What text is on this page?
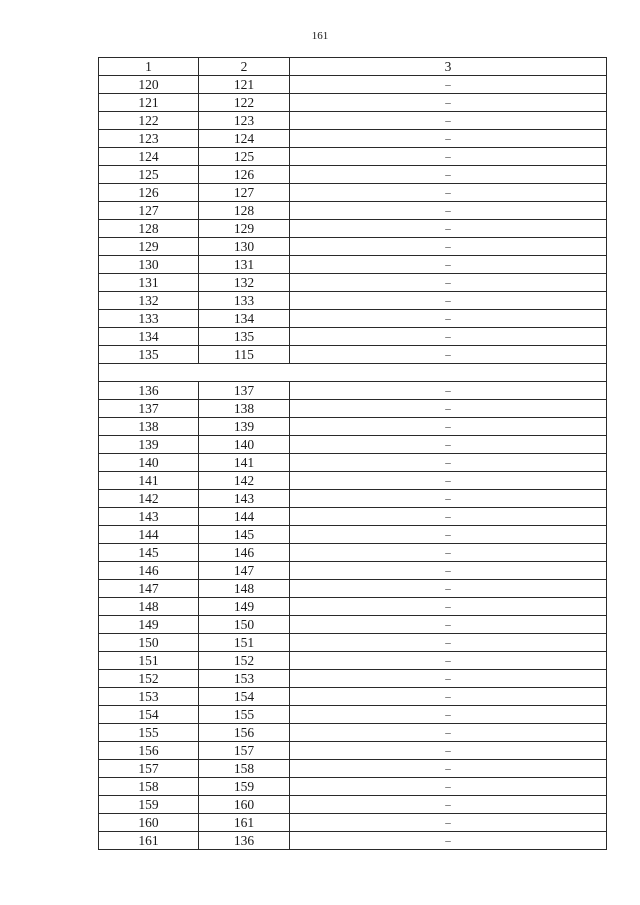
161
1	2	3
120	121	–
121	122	–
122	123	–
123	124	–
124	125	–
125	126	–
126	127	–
127	128	–
128	129	–
129	130	–
130	131	–
131	132	–
132	133	–
133	134	–
134	135	–
135	115	–

136	137	–
137	138	–
138	139	–
139	140	–
140	141	–
141	142	–
142	143	–
143	144	–
144	145	–
145	146	–
146	147	–
147	148	–
148	149	–
149	150	–
150	151	–
151	152	–
152	153	–
153	154	–
154	155	–
155	156	–
156	157	–
157	158	–
158	159	–
159	160	–
160	161	–
161	136	–
